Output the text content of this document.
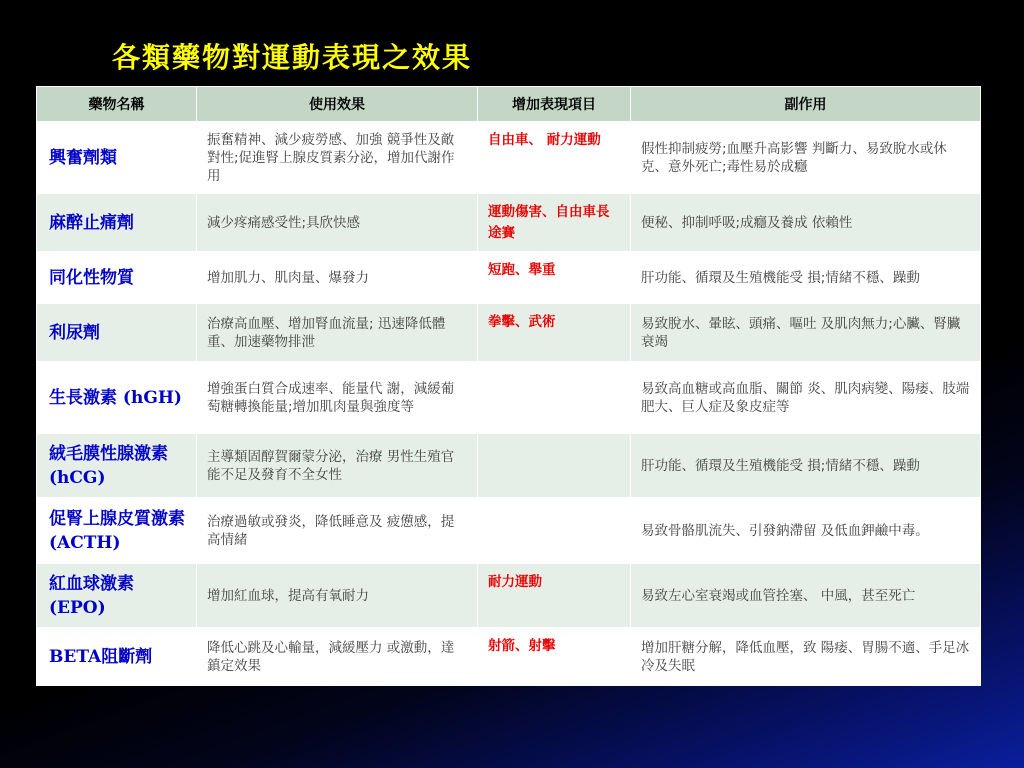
各類藥物對運動表現之效果
藥物名稱	使用效果	增加表現項目	副作用
興奮劑類	振奮精神、減少疲勞感、加強 競爭性及敵對性;促進腎上腺皮質素分泌，增加代謝作用	自由車、 耐力運動	假性抑制疲勞;血壓升高影響 判斷力、易致脫水或休克、意外死亡;毒性易於成癮
麻醉止痛劑	減少疼痛感受性;具欣快感	運動傷害、自由車長途賽	便秘、抑制呼吸;成癮及養成 依賴性
同化性物質	增加肌力、肌肉量、爆發力	短跑、舉重	肝功能、循環及生殖機能受 損;情緒不穩、躁動
利尿劑	治療高血壓、增加腎血流量; 迅速降低體重、加速藥物排泄	拳擊、武術	易致脫水、暈眩、頭痛、嘔吐 及肌肉無力;心臟、腎臟衰竭
生長激素 (hGH)	增強蛋白質合成速率、能量代 謝，減緩葡萄糖轉換能量;增加肌肉量與強度等		易致高血糖或高血脂、關節 炎、肌肉病變、陽痿、肢端肥大、巨人症及象皮症等
絨毛膜性腺激素 (hCG)	主導類固醇賀爾蒙分泌，治療 男性生殖官能不足及發育不全女性		肝功能、循環及生殖機能受 損;情緒不穩、躁動
促腎上腺皮質激素 (ACTH)	治療過敏或發炎，降低睡意及 疲憊感，提高情緒		易致骨骼肌流失、引發鈉滯留 及低血鉀鹼中毒。
紅血球激素 (EPO)	增加紅血球，提高有氧耐力	耐力運動	易致左心室衰竭或血管拴塞、 中風，甚至死亡
BETA阻斷劑	降低心跳及心輸量，減緩壓力 或激動，達鎮定效果	射箭、射擊	增加肝糖分解，降低血壓，致 陽痿、胃腸不適、手足冰冷及失眠
